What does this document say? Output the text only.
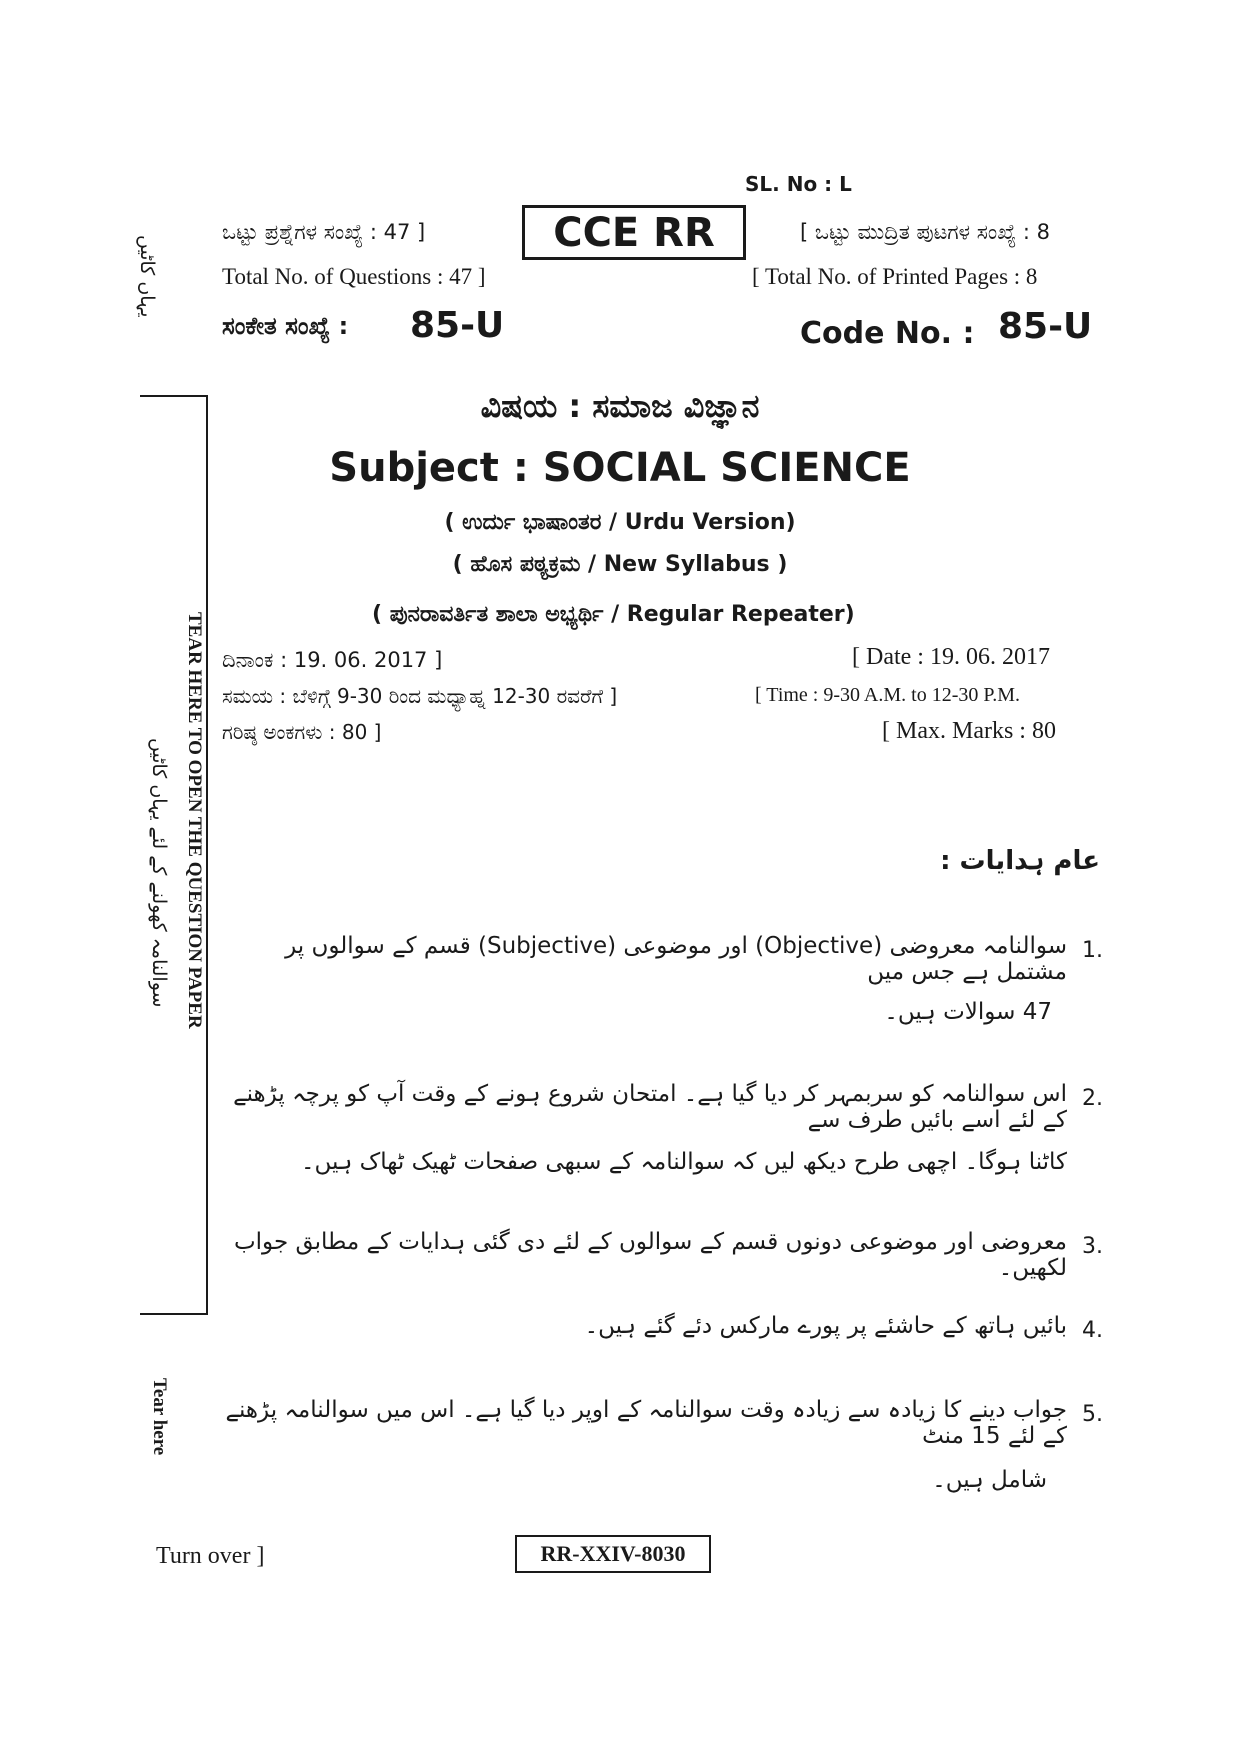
SL. No : L
CCE RR
ಒಟ್ಟು ಪ್ರಶ್ನೆಗಳ ಸಂಖ್ಯೆ : 47 ]	[ ಒಟ್ಟು ಮುದ್ರಿತ ಪುಟಗಳ ಸಂಖ್ಯೆ : 8
Total No. of Questions : 47 ]	[ Total No. of Printed Pages : 8
ಸಂಕೇತ ಸಂಖ್ಯೆ : 85-U	Code No. : 85-U
ವಿಷಯ : ಸಮಾಜ ವಿಜ್ಞಾನ
Subject : SOCIAL SCIENCE
( ಉರ್ದು ಭಾಷಾಂತರ / Urdu Version)
( ಹೊಸ ಪಠ್ಯಕ್ರಮ / New Syllabus )
( ಪುನರಾವರ್ತಿತ ಶಾಲಾ ಅಭ್ಯರ್ಥಿ / Regular Repeater)
ದಿನಾಂಕ : 19. 06. 2017 ]	[ Date : 19. 06. 2017
ಸಮಯ : ಬೆಳಿಗ್ಗೆ 9-30 ರಿಂದ ಮಧ್ಯಾಹ್ನ 12-30 ರವರೆಗೆ ]	[ Time : 9-30 A.M. to 12-30 P.M.
ಗರಿಷ್ಠ ಅಂಕಗಳು : 80 ]	[ Max. Marks : 80
عام ہدایات :
1.
سوالنامہ معروضی (Objective) اور موضوعی (Subjective) قسم کے سوالوں پر مشتمل ہے جس میں
47 سوالات ہیں۔
2.
اس سوالنامہ کو سربمہر کر دیا گیا ہے۔ امتحان شروع ہونے کے وقت آپ کو پرچہ پڑھنے کے لئے اسے بائیں طرف سے
کاٹنا ہوگا۔ اچھی طرح دیکھ لیں کہ سوالنامہ کے سبھی صفحات ٹھیک ٹھاک ہیں۔
3.
معروضی اور موضوعی دونوں قسم کے سوالوں کے لئے دی گئی ہدایات کے مطابق جواب لکھیں۔
4.
بائیں ہاتھ کے حاشئے پر پورے مارکس دئے گئے ہیں۔
5.
جواب دینے کا زیادہ سے زیادہ وقت سوالنامہ کے اوپر دیا گیا ہے۔ اس میں سوالنامہ پڑھنے کے لئے 15 منٹ
شامل ہیں۔
Turn over ]	RR-XXIV-8030
TEAR HERE TO OPEN THE QUESTION PAPER
Tear here
یہاں کاٹیں
سوالنامہ کھولنے کے لئے یہاں کاٹیں
